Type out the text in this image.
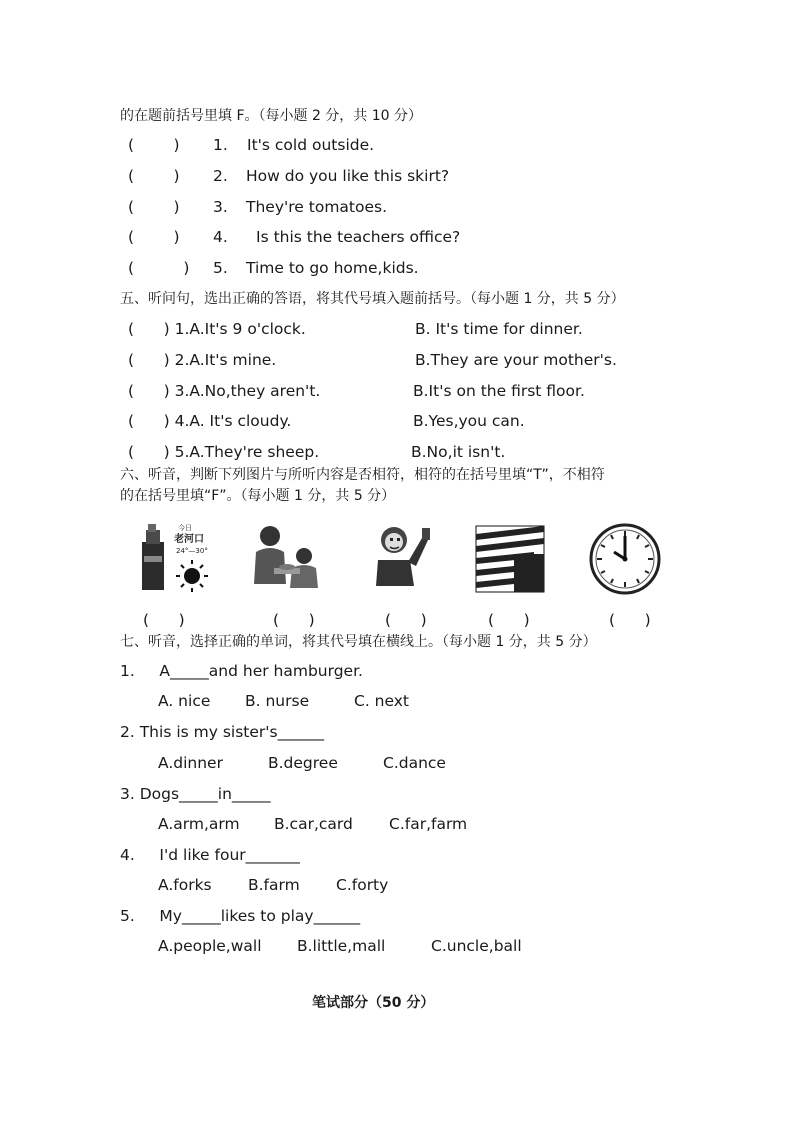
的在题前括号里填 F。（每小题 2 分，共 10 分）
(        ) 1. It's cold outside.
(        ) 2. How do you like this skirt?
(        ) 3. They're tomatoes.
(        ) 4. Is this the teachers office?
(          ) 5. Time to go home,kids.
五、听问句，选出正确的答语，将其代号填入题前括号。（每小题 1 分，共 5 分）
(      ) 1.A.It's 9 o'clock.	B. It's time for dinner.
(      ) 2.A.It's mine.	B.They are your mother's.
(      ) 3.A.No,they aren't.	B.It's on the first floor.
(      ) 4.A. It's cloudy.	B.Yes,you can.
(      ) 5.A.They're sheep.	B.No,it isn't.
六、听音，判断下列图片与所听内容是否相符，相符的在括号里填“T”，不相符
的在括号里填“F”。（每小题 1 分，共 5 分）
今日
老河口
24°—30°
(      )	(      )	(      )	(      )	(      )
七、听音，选择正确的单词，将其代号填在横线上。（每小题 1 分，共 5 分）
1.     A_____and her hamburger.
A. nice B. nurse	C. next
2. This is my sister's______
A.dinner	B.degree	C.dance
3. Dogs_____in_____
A.arm,arm B.car,card C.far,farm
4.     I'd like four_______
A.forks B.farm C.forty
5.     My_____likes to play______
A.people,wall B.little,mall	C.uncle,ball
笔试部分（50 分）
